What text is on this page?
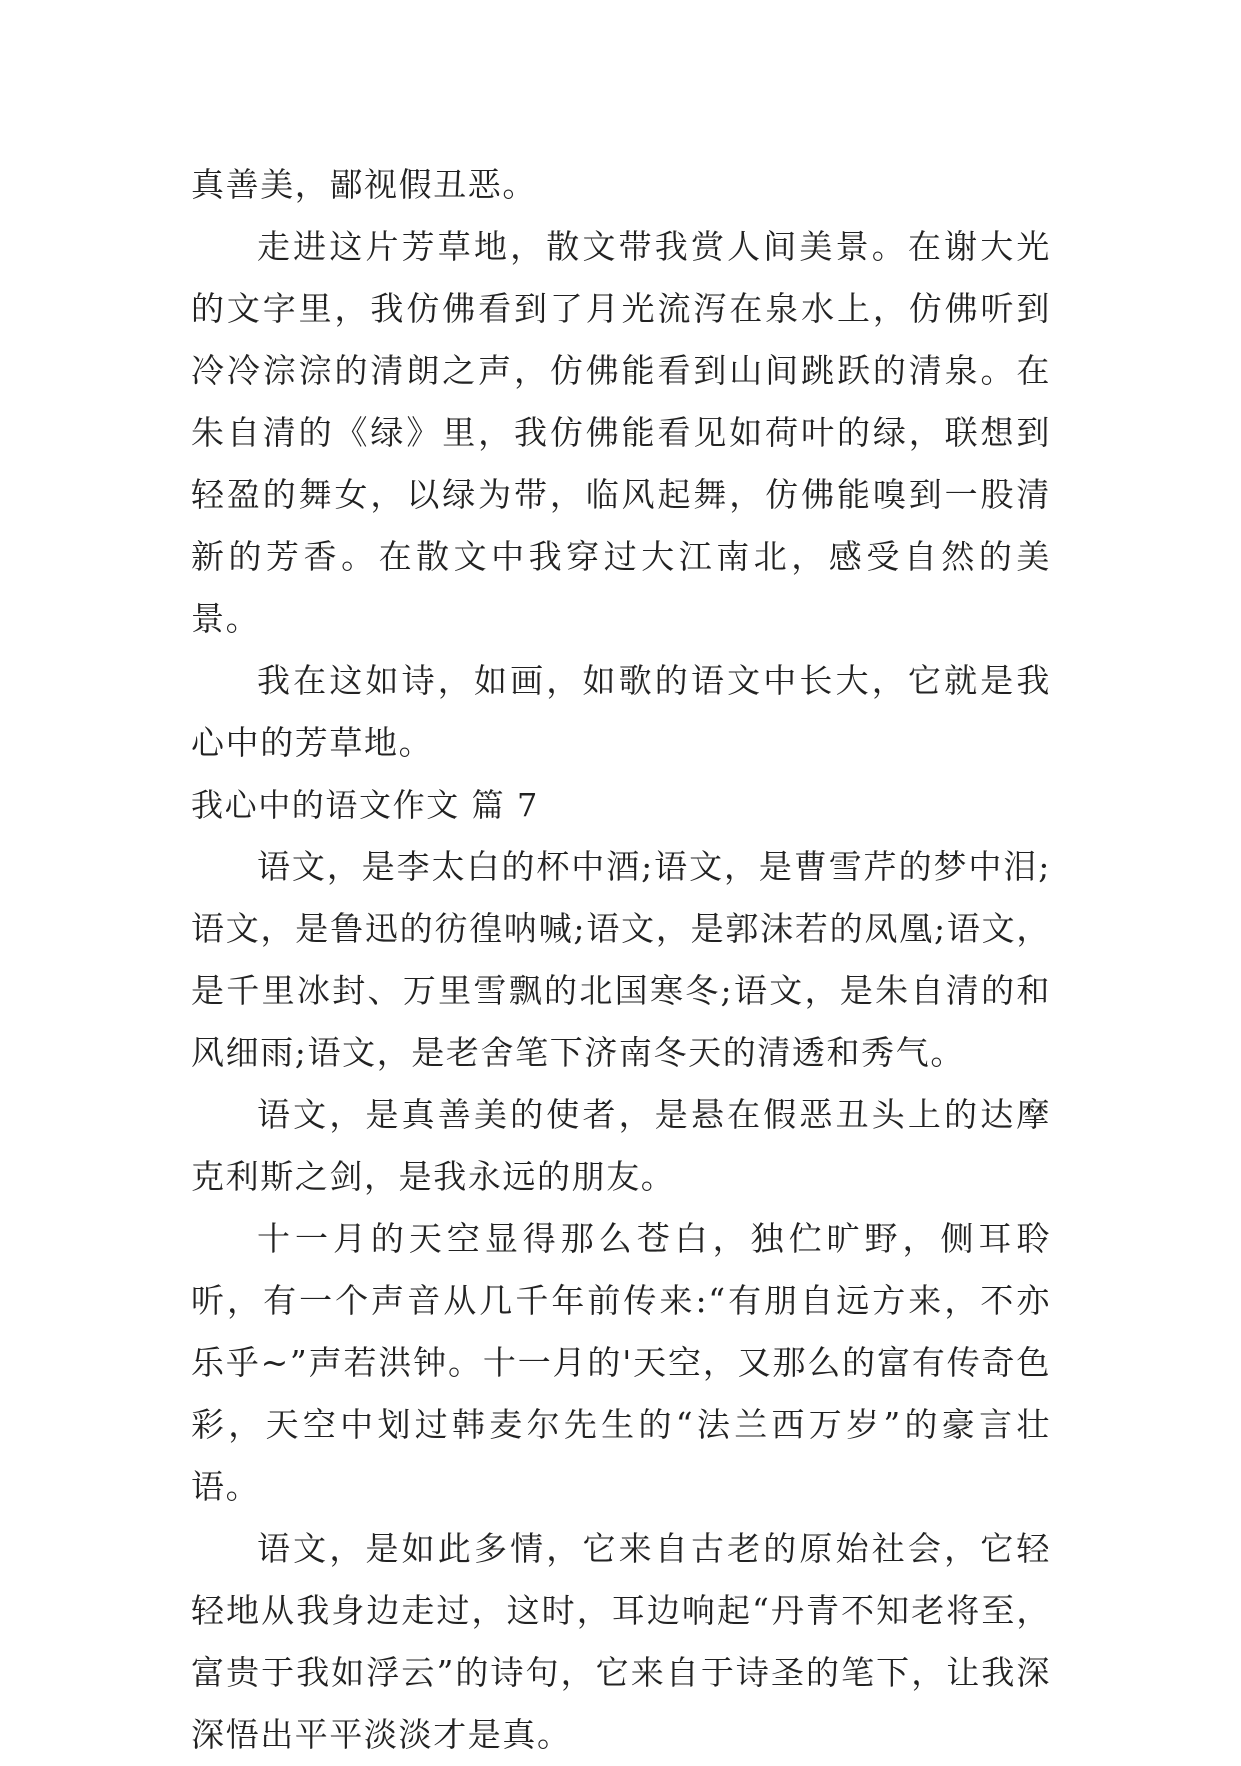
真善美，鄙视假丑恶。

走进这片芳草地，散文带我赏人间美景。在谢大光的文字里，我仿佛看到了月光流泻在泉水上，仿佛听到冷冷淙淙的清朗之声，仿佛能看到山间跳跃的清泉。在朱自清的《绿》里，我仿佛能看见如荷叶的绿，联想到轻盈的舞女，以绿为带，临风起舞，仿佛能嗅到一股清新的芳香。在散文中我穿过大江南北，感受自然的美景。

我在这如诗，如画，如歌的语文中长大，它就是我心中的芳草地。

我心中的语文作文 篇 7

语文，是李太白的杯中酒;语文，是曹雪芹的梦中泪;语文，是鲁迅的彷徨呐喊;语文，是郭沫若的凤凰;语文，是千里冰封、万里雪飘的北国寒冬;语文，是朱自清的和风细雨;语文，是老舍笔下济南冬天的清透和秀气。

语文，是真善美的使者，是悬在假恶丑头上的达摩克利斯之剑，是我永远的朋友。

十一月的天空显得那么苍白，独伫旷野，侧耳聆听，有一个声音从几千年前传来:“有朋自远方来，不亦乐乎~”声若洪钟。十一月的'天空，又那么的富有传奇色彩，天空中划过韩麦尔先生的“法兰西万岁”的豪言壮语。

语文，是如此多情，它来自古老的原始社会，它轻轻地从我身边走过，这时，耳边响起“丹青不知老将至，富贵于我如浮云”的诗句，它来自于诗圣的笔下，让我深深悟出平平淡淡才是真。
